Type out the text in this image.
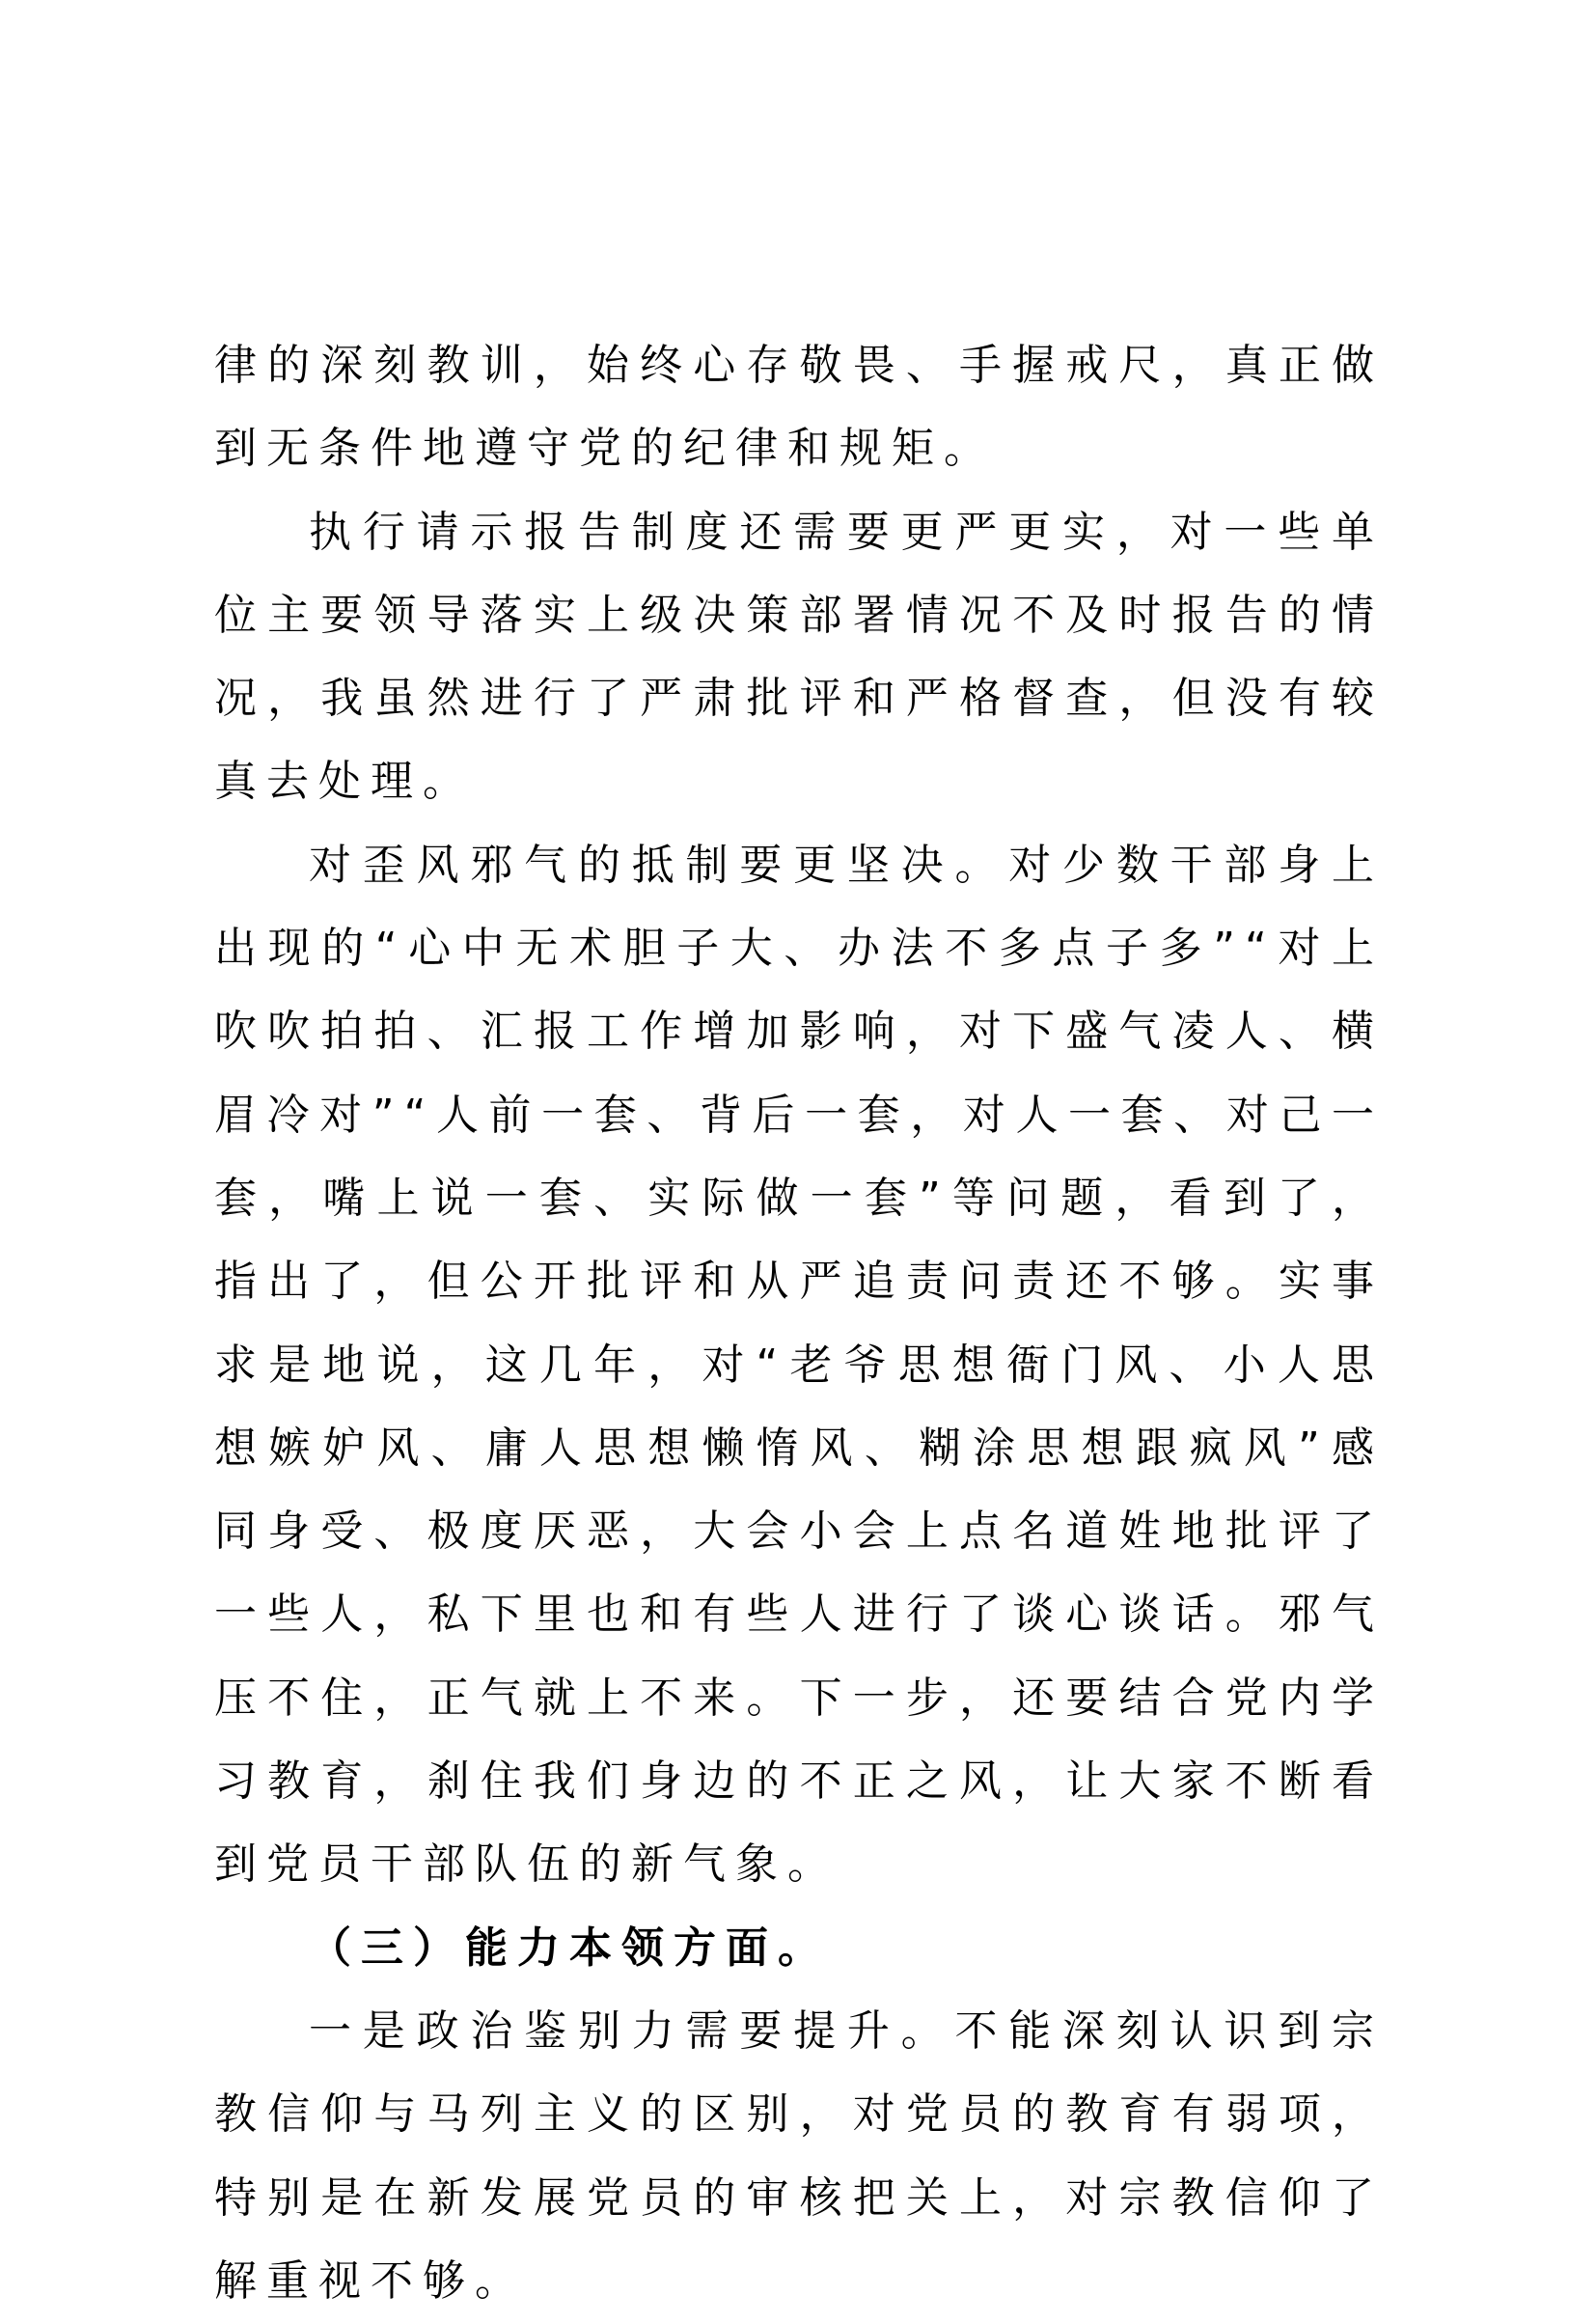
律的深刻教训，始终心存敬畏、手握戒尺，真正做到无条件地遵守党的纪律和规矩。

执行请示报告制度还需要更严更实，对一些单位主要领导落实上级决策部署情况不及时报告的情况，我虽然进行了严肃批评和严格督查，但没有较真去处理。

对歪风邪气的抵制要更坚决。对少数干部身上出现的“心中无术胆子大、办法不多点子多”“对上吹吹拍拍、汇报工作增加影响，对下盛气凌人、横眉冷对”“人前一套、背后一套，对人一套、对己一套，嘴上说一套、实际做一套”等问题，看到了，指出了，但公开批评和从严追责问责还不够。实事求是地说，这几年，对“老爷思想衙门风、小人思想嫉妒风、庸人思想懒惰风、糊涂思想跟疯风”感同身受、极度厌恶，大会小会上点名道姓地批评了一些人，私下里也和有些人进行了谈心谈话。邪气压不住，正气就上不来。下一步，还要结合党内学习教育，刹住我们身边的不正之风，让大家不断看到党员干部队伍的新气象。

（三）能力本领方面。

一是政治鉴别力需要提升。不能深刻认识到宗教信仰与马列主义的区别，对党员的教育有弱项，特别是在新发展党员的审核把关上，对宗教信仰了解重视不够。
